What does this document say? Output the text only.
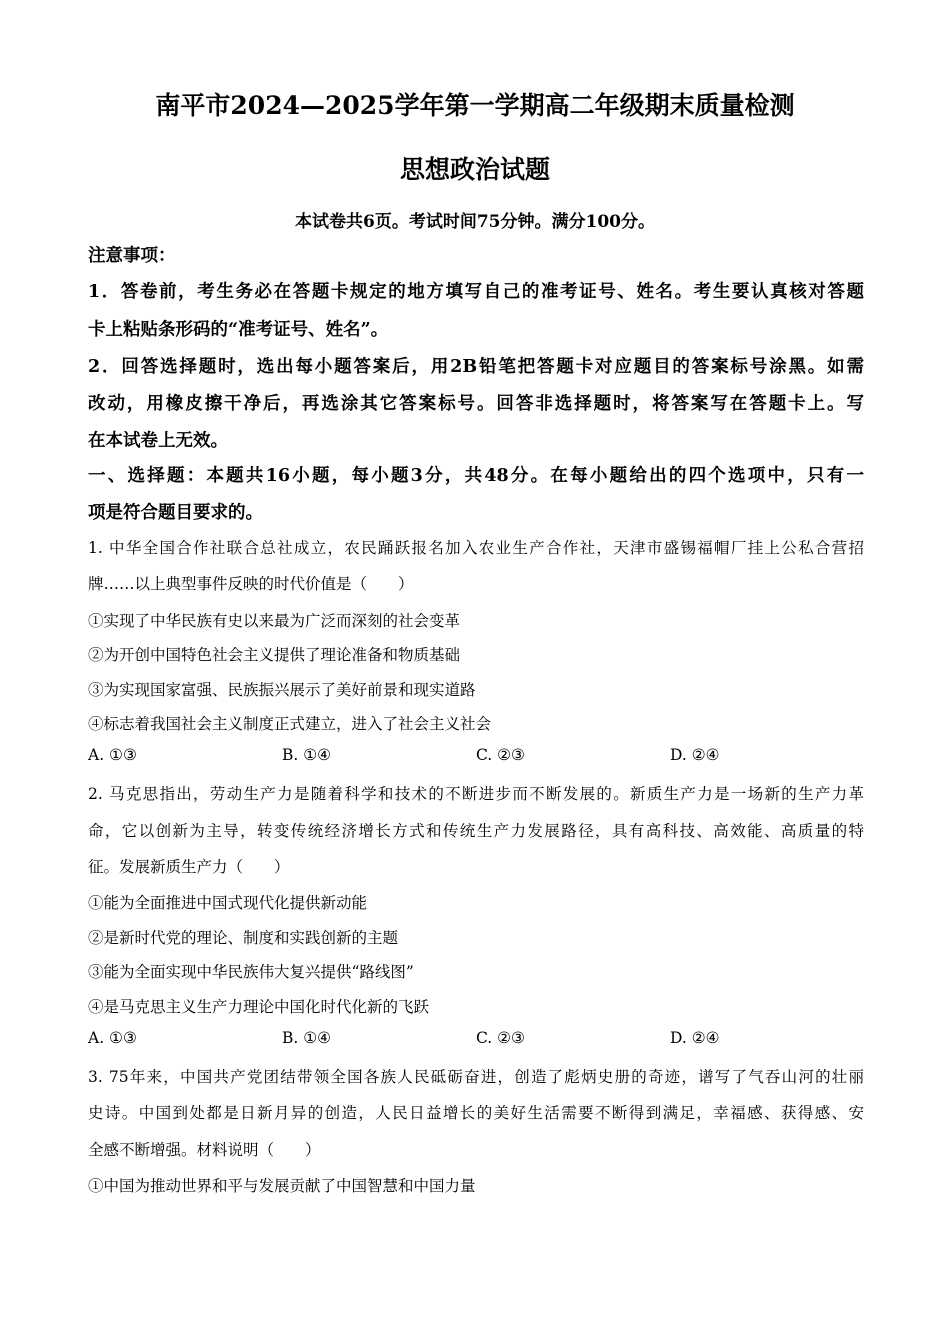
南平市2024—2025学年第一学期高二年级期末质量检测
思想政治试题
本试卷共6页。考试时间75分钟。满分100分。
注意事项：
1．答卷前，考生务必在答题卡规定的地方填写自己的准考证号、姓名。考生要认真核对答题
卡上粘贴条形码的“准考证号、姓名”。
2．回答选择题时，选出每小题答案后，用2B铅笔把答题卡对应题目的答案标号涂黑。如需
改动，用橡皮擦干净后，再选涂其它答案标号。回答非选择题时，将答案写在答题卡上。写
在本试卷上无效。
一、选择题：本题共16小题，每小题3分，共48分。在每小题给出的四个选项中，只有一
项是符合题目要求的。
1. 中华全国合作社联合总社成立，农民踊跃报名加入农业生产合作社，天津市盛锡福帽厂挂上公私合营招
牌……以上典型事件反映的时代价值是（　　）
①实现了中华民族有史以来最为广泛而深刻的社会变革
②为开创中国特色社会主义提供了理论准备和物质基础
③为实现国家富强、民族振兴展示了美好前景和现实道路
④标志着我国社会主义制度正式建立，进入了社会主义社会
A. ①③	B. ①④	C. ②③	D. ②④
2. 马克思指出，劳动生产力是随着科学和技术的不断进步而不断发展的。新质生产力是一场新的生产力革
命，它以创新为主导，转变传统经济增长方式和传统生产力发展路径，具有高科技、高效能、高质量的特
征。发展新质生产力（　　）
①能为全面推进中国式现代化提供新动能
②是新时代党的理论、制度和实践创新的主题
③能为全面实现中华民族伟大复兴提供“路线图”
④是马克思主义生产力理论中国化时代化新的飞跃
A. ①③	B. ①④	C. ②③	D. ②④
3. 75年来，中国共产党团结带领全国各族人民砥砺奋进，创造了彪炳史册的奇迹，谱写了气吞山河的壮丽
史诗。中国到处都是日新月异的创造，人民日益增长的美好生活需要不断得到满足，幸福感、获得感、安
全感不断增强。材料说明（　　）
①中国为推动世界和平与发展贡献了中国智慧和中国力量
